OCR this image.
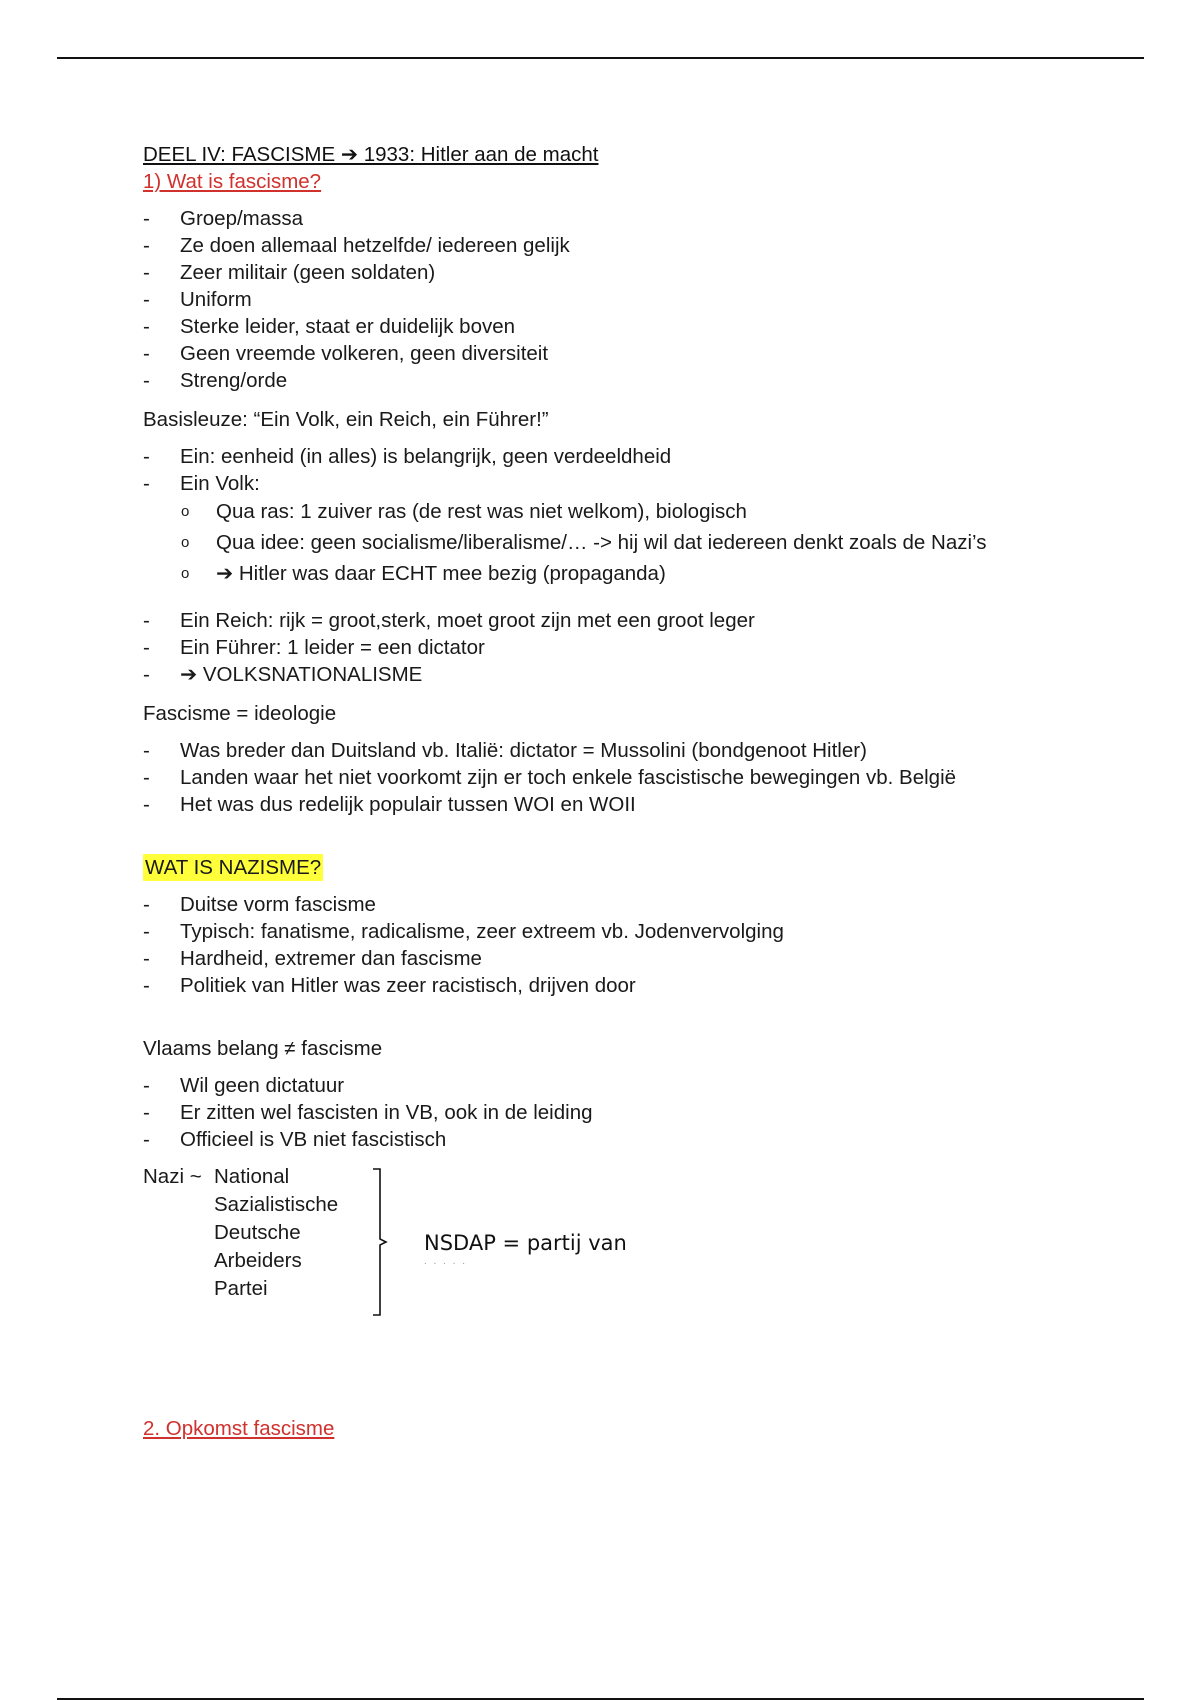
DEEL IV: FASCISME ➔ 1933: Hitler aan de macht

1) Wat is fascisme?

- Groep/massa
- Ze doen allemaal hetzelfde/ iedereen gelijk
- Zeer militair (geen soldaten)
- Uniform
- Sterke leider, staat er duidelijk boven
- Geen vreemde volkeren, geen diversiteit
- Streng/orde

Basisleuze: “Ein Volk, ein Reich, ein Führer!”

- Ein: eenheid (in alles) is belangrijk, geen verdeeldheid
- Ein Volk:
o Qua ras: 1 zuiver ras (de rest was niet welkom), biologisch
o Qua idee: geen socialisme/liberalisme/… -> hij wil dat iedereen denkt zoals de Nazi’s
o ➔ Hitler was daar ECHT mee bezig (propaganda)
- Ein Reich: rijk = groot,sterk, moet groot zijn met een groot leger
- Ein Führer: 1 leider = een dictator
- ➔ VOLKSNATIONALISME

Fascisme = ideologie

- Was breder dan Duitsland vb. Italië: dictator = Mussolini (bondgenoot Hitler)
- Landen waar het niet voorkomt zijn er toch enkele fascistische bewegingen vb. België
- Het was dus redelijk populair tussen WOI en WOII

WAT IS NAZISME?

- Duitse vorm fascisme
- Typisch: fanatisme, radicalisme, zeer extreem vb. Jodenvervolging
- Hardheid, extremer dan fascisme
- Politiek van Hitler was zeer racistisch, drijven door

Vlaams belang ≠ fascisme

- Wil geen dictatuur
- Er zitten wel fascisten in VB, ook in de leiding
- Officieel is VB niet fascistisch
Nazi ~ National
Sazialistische
Deutsche
Arbeiders
Partei
NSDAP = partij van
. . . . .

2. Opkomst fascisme
